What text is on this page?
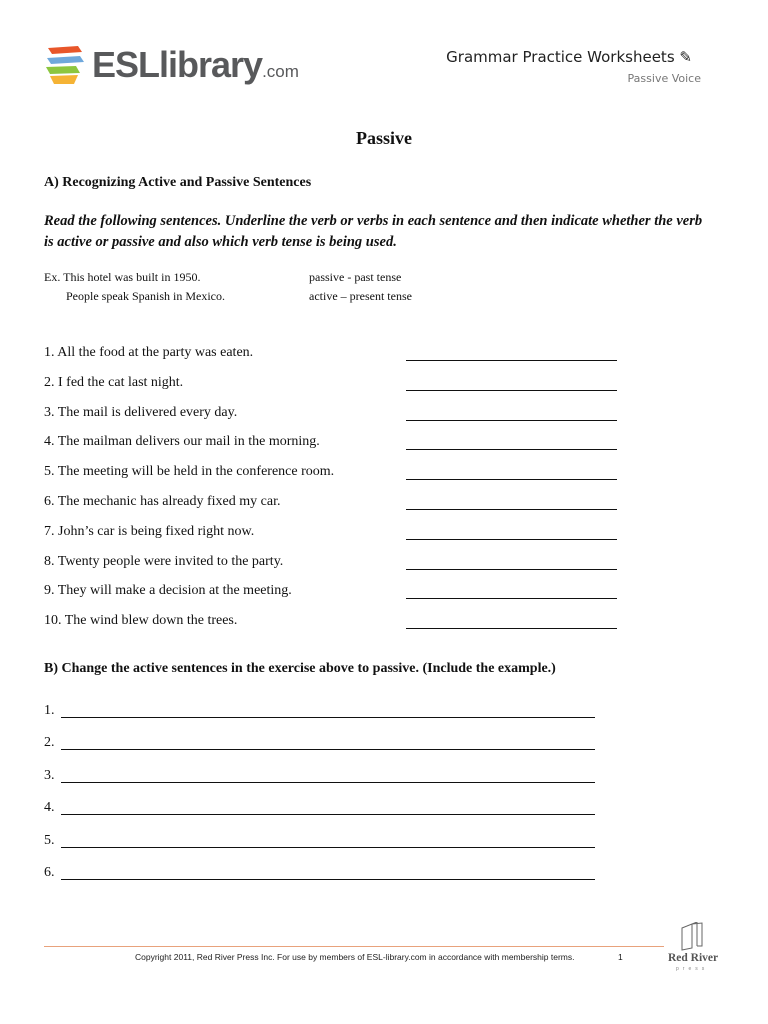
ESLlibrary.com
Grammar Practice Worksheets ✎
Passive Voice
Passive
A) Recognizing Active and Passive Sentences
Read the following sentences. Underline the verb or verbs in each sentence and then indicate whether the verb is active or passive and also which verb tense is being used.
Ex. This hotel was built in 1950.	passive - past tense
People speak Spanish in Mexico.	active – present tense
1. All the food at the party was eaten.
2. I fed the cat last night.
3. The mail is delivered every day.
4. The mailman delivers our mail in the morning.
5. The meeting will be held in the conference room.
6. The mechanic has already fixed my car.
7. John’s car is being fixed right now.
8. Twenty people were invited to the party.
9. They will make a decision at the meeting.
10. The wind blew down the trees.
B) Change the active sentences in the exercise above to passive. (Include the example.)
1.
2.
3.
4.
5.
6.
Copyright 2011, Red River Press Inc. For use by members of ESL-library.com in accordance with membership terms.	1	Red River
press
